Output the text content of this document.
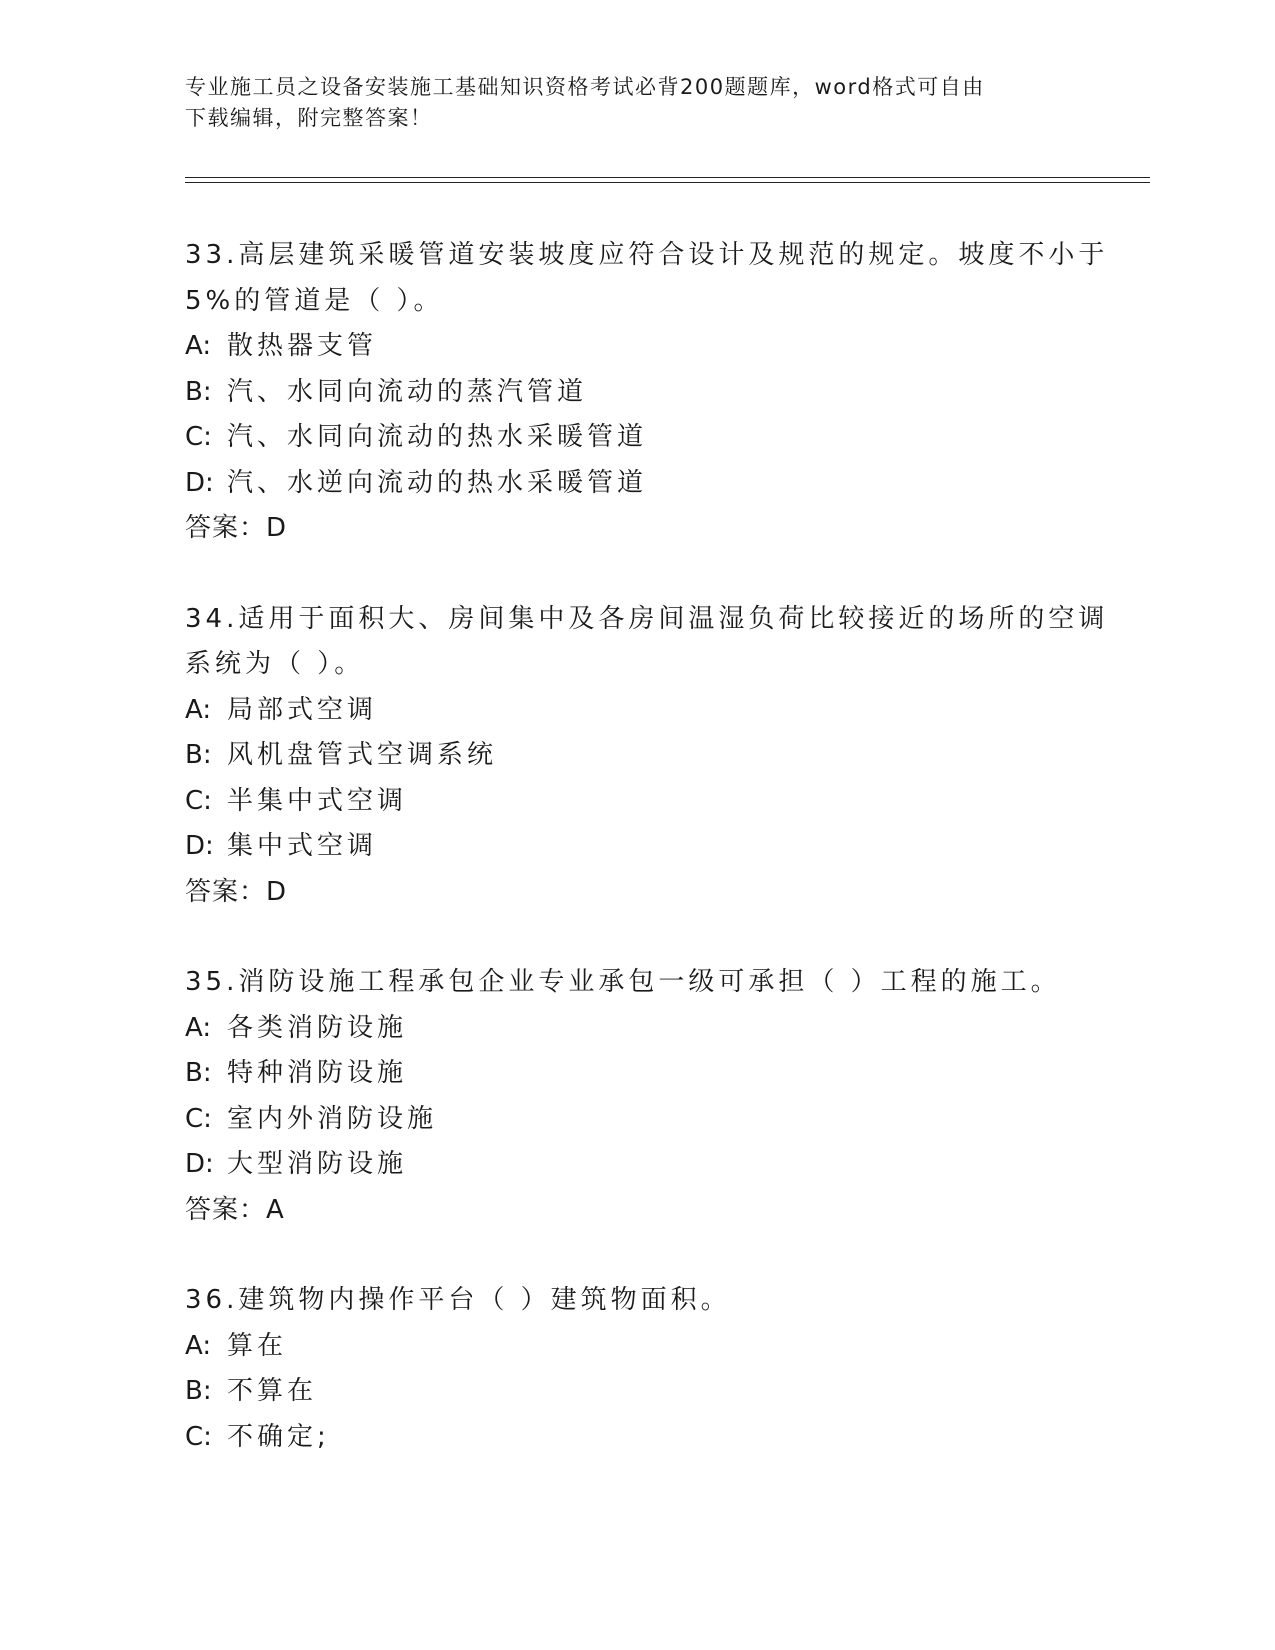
专业施工员之设备安装施工基础知识资格考试必背200题题库，word格式可自由
下载编辑，附完整答案！
33.高层建筑采暖管道安装坡度应符合设计及规范的规定。坡度不小于
5%的管道是（ ）。
A: 散热器支管
B: 汽、水同向流动的蒸汽管道
C: 汽、水同向流动的热水采暖管道
D: 汽、水逆向流动的热水采暖管道
答案：D
34.适用于面积大、房间集中及各房间温湿负荷比较接近的场所的空调
系统为（ ）。
A: 局部式空调
B: 风机盘管式空调系统
C: 半集中式空调
D: 集中式空调
答案：D
35.消防设施工程承包企业专业承包一级可承担（ ）工程的施工。
A: 各类消防设施
B: 特种消防设施
C: 室内外消防设施
D: 大型消防设施
答案：A
36.建筑物内操作平台（ ）建筑物面积。
A: 算在
B: 不算在
C: 不确定;
